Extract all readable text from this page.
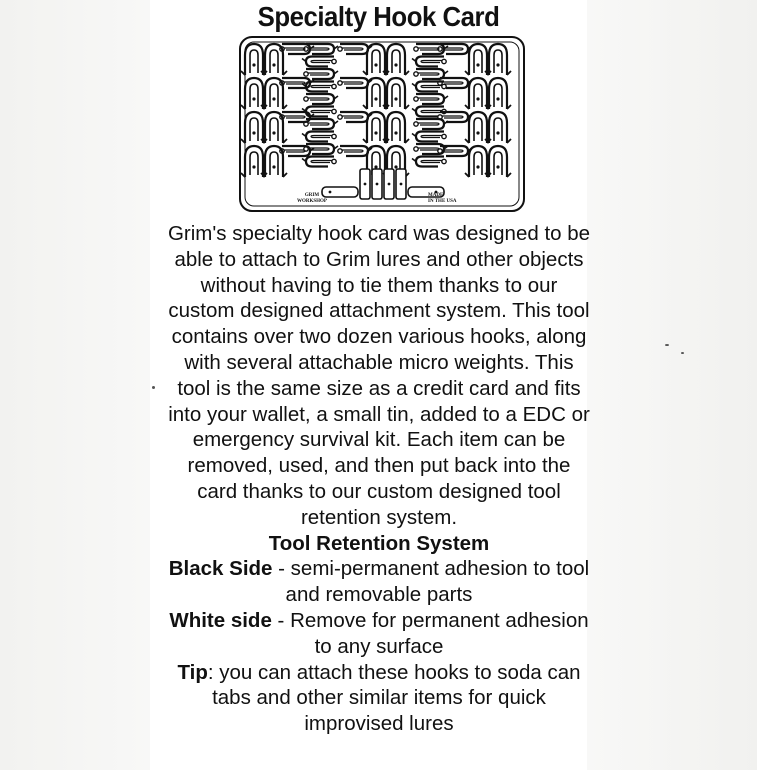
Specialty Hook Card
GRIM
WORKSHOP
MADE
IN THE USA

Grim's specialty hook card was designed to be able to attach to Grim lures and other objects without having to tie them thanks to our custom designed attachment system. This tool contains over two dozen various hooks, along with several attachable micro weights. This tool is the same size as a credit card and fits into your wallet, a small tin, added to a EDC or emergency survival kit. Each item can be removed, used, and then put back into the card thanks to our custom designed tool retention system.

Tool Retention System

Black Side - semi-permanent adhesion to tool and removable parts

White side - Remove for permanent adhesion to any surface

Tip: you can attach these hooks to soda can tabs and other similar items for quick improvised lures
